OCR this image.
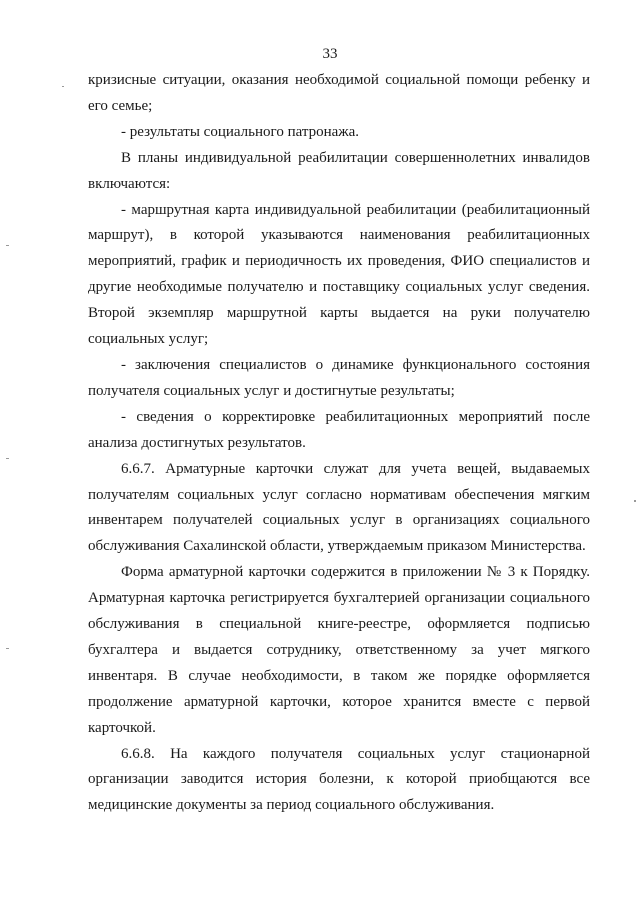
33

кризисные ситуации, оказания необходимой социальной помощи ребенку и его семье;

- результаты социального патронажа.

В планы индивидуальной реабилитации совершеннолетних инвалидов включаются:

- маршрутная карта индивидуальной реабилитации (реабилитационный маршрут), в которой указываются наименования реабилитационных мероприятий, график и периодичность их проведения, ФИО специалистов и другие необходимые получателю и поставщику социальных услуг сведения. Второй экземпляр маршрутной карты выдается на руки получателю социальных услуг;

- заключения специалистов о динамике функционального состояния получателя социальных услуг и достигнутые результаты;

- сведения о корректировке реабилитационных мероприятий после анализа достигнутых результатов.

6.6.7. Арматурные карточки служат для учета вещей, выдаваемых получателям социальных услуг согласно нормативам обеспечения мягким инвентарем получателей социальных услуг в организациях социального обслуживания Сахалинской области, утверждаемым приказом Министерства.

Форма арматурной карточки содержится в приложении № 3 к Порядку. Арматурная карточка регистрируется бухгалтерией организации социального обслуживания в специальной книге-реестре, оформляется подписью бухгалтера и выдается сотруднику, ответственному за учет мягкого инвентаря. В случае необходимости, в таком же порядке оформляется продолжение арматурной карточки, которое хранится вместе с первой карточкой.

6.6.8. На каждого получателя социальных услуг стационарной организации заводится история болезни, к которой приобщаются все медицинские документы за период социального обслуживания.
